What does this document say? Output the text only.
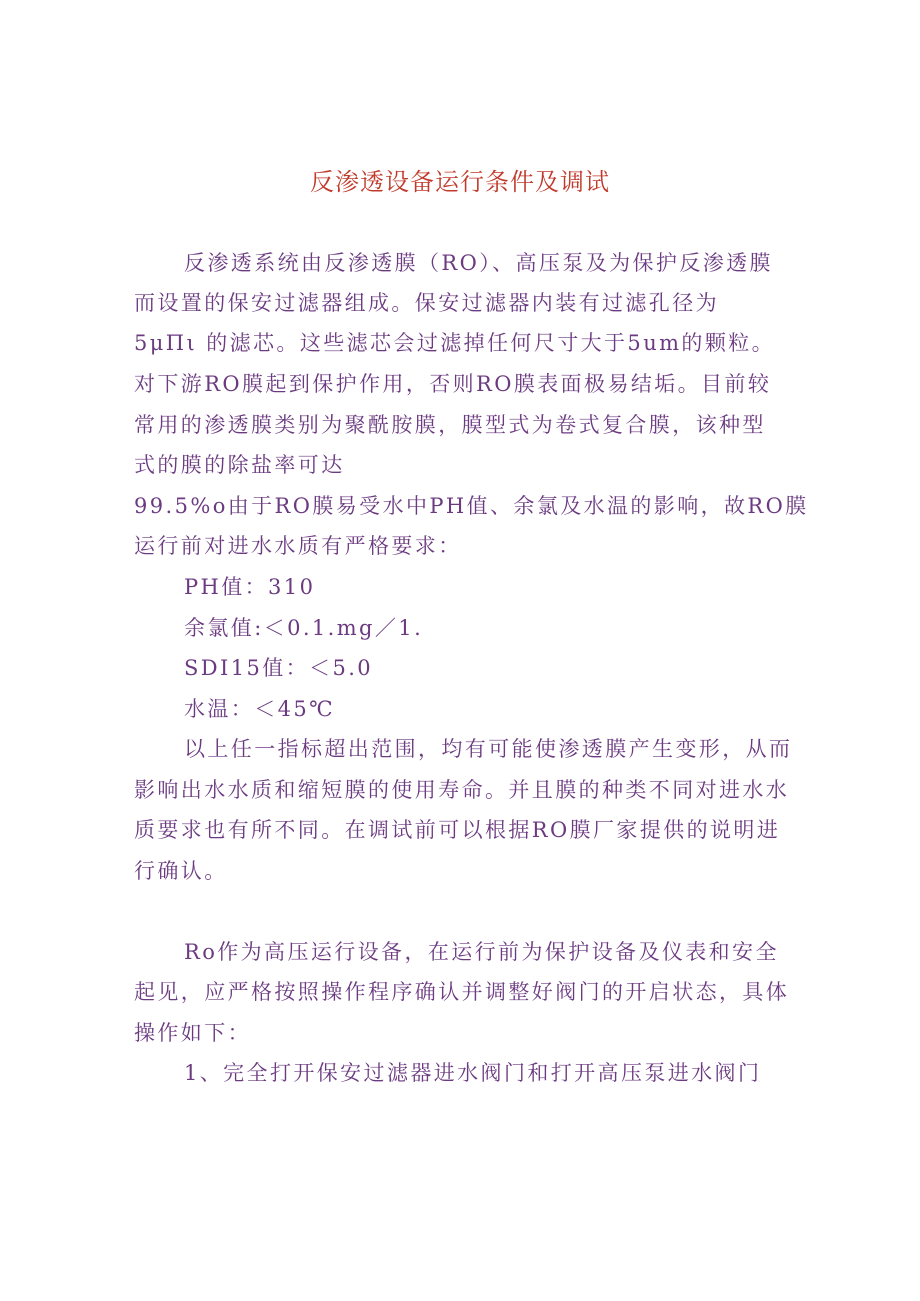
反渗透设备运行条件及调试
反渗透系统由反渗透膜（RO）、高压泵及为保护反渗透膜
而设置的保安过滤器组成。保安过滤器内装有过滤孔径为
5μΠι 的滤芯。这些滤芯会过滤掉任何尺寸大于5um的颗粒。
对下游RO膜起到保护作用，否则RO膜表面极易结垢。目前较
常用的渗透膜类别为聚酰胺膜，膜型式为卷式复合膜，该种型
式的膜的除盐率可达
99.5%o由于RO膜易受水中PH值、余氯及水温的影响，故RO膜
运行前对进水水质有严格要求：
PH值：310
余氯值:＜0.1.mg／1.
SDI15值：＜5.0
水温：＜45℃
以上任一指标超出范围，均有可能使渗透膜产生变形，从而
影响出水水质和缩短膜的使用寿命。并且膜的种类不同对进水水
质要求也有所不同。在调试前可以根据RO膜厂家提供的说明进
行确认。
Ro作为高压运行设备，在运行前为保护设备及仪表和安全
起见，应严格按照操作程序确认并调整好阀门的开启状态，具体
操作如下：
1、完全打开保安过滤器进水阀门和打开高压泵进水阀门
